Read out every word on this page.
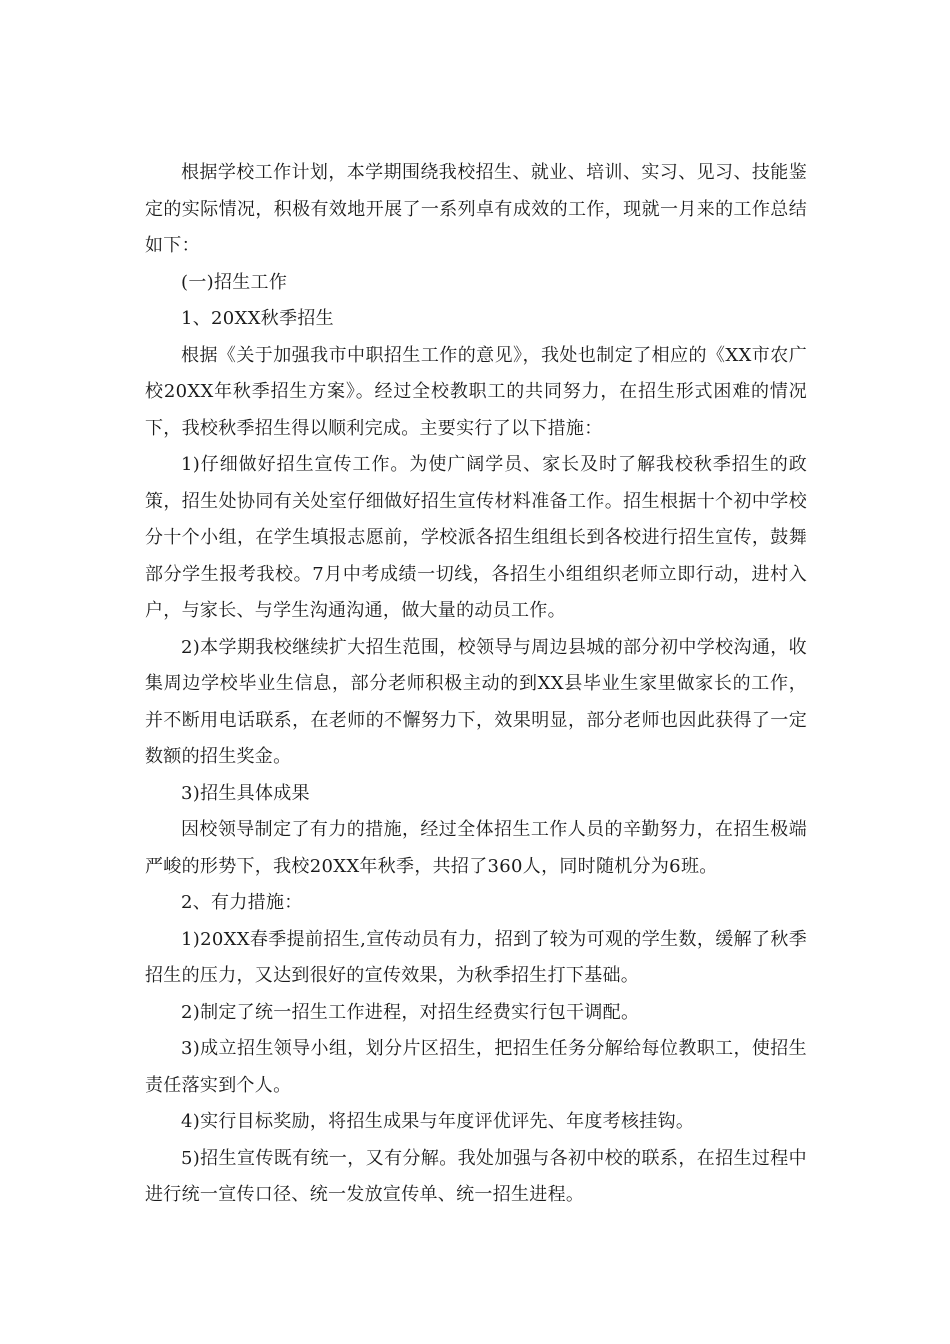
根据学校工作计划，本学期围绕我校招生、就业、培训、实习、见习、技能鉴定的实际情况，积极有效地开展了一系列卓有成效的工作，现就一月来的工作总结如下：

(一)招生工作

1、20XX秋季招生

根据《关于加强我市中职招生工作的意见》，我处也制定了相应的《XX市农广校20XX年秋季招生方案》。经过全校教职工的共同努力，在招生形式困难的情况下，我校秋季招生得以顺利完成。主要实行了以下措施：

1)仔细做好招生宣传工作。为使广阔学员、家长及时了解我校秋季招生的政策，招生处协同有关处室仔细做好招生宣传材料准备工作。招生根据十个初中学校分十个小组，在学生填报志愿前，学校派各招生组组长到各校进行招生宣传，鼓舞部分学生报考我校。7月中考成绩一切线，各招生小组组织老师立即行动，进村入户，与家长、与学生沟通沟通，做大量的动员工作。

2)本学期我校继续扩大招生范围，校领导与周边县城的部分初中学校沟通，收集周边学校毕业生信息，部分老师积极主动的到XX县毕业生家里做家长的工作，并不断用电话联系，在老师的不懈努力下，效果明显，部分老师也因此获得了一定数额的招生奖金。

3)招生具体成果

因校领导制定了有力的措施，经过全体招生工作人员的辛勤努力，在招生极端严峻的形势下，我校20XX年秋季，共招了360人，同时随机分为6班。

2、有力措施：

1)20XX春季提前招生,宣传动员有力，招到了较为可观的学生数，缓解了秋季招生的压力，又达到很好的宣传效果，为秋季招生打下基础。

2)制定了统一招生工作进程，对招生经费实行包干调配。

3)成立招生领导小组，划分片区招生，把招生任务分解给每位教职工，使招生责任落实到个人。

4)实行目标奖励，将招生成果与年度评优评先、年度考核挂钩。

5)招生宣传既有统一，又有分解。我处加强与各初中校的联系，在招生过程中进行统一宣传口径、统一发放宣传单、统一招生进程。
